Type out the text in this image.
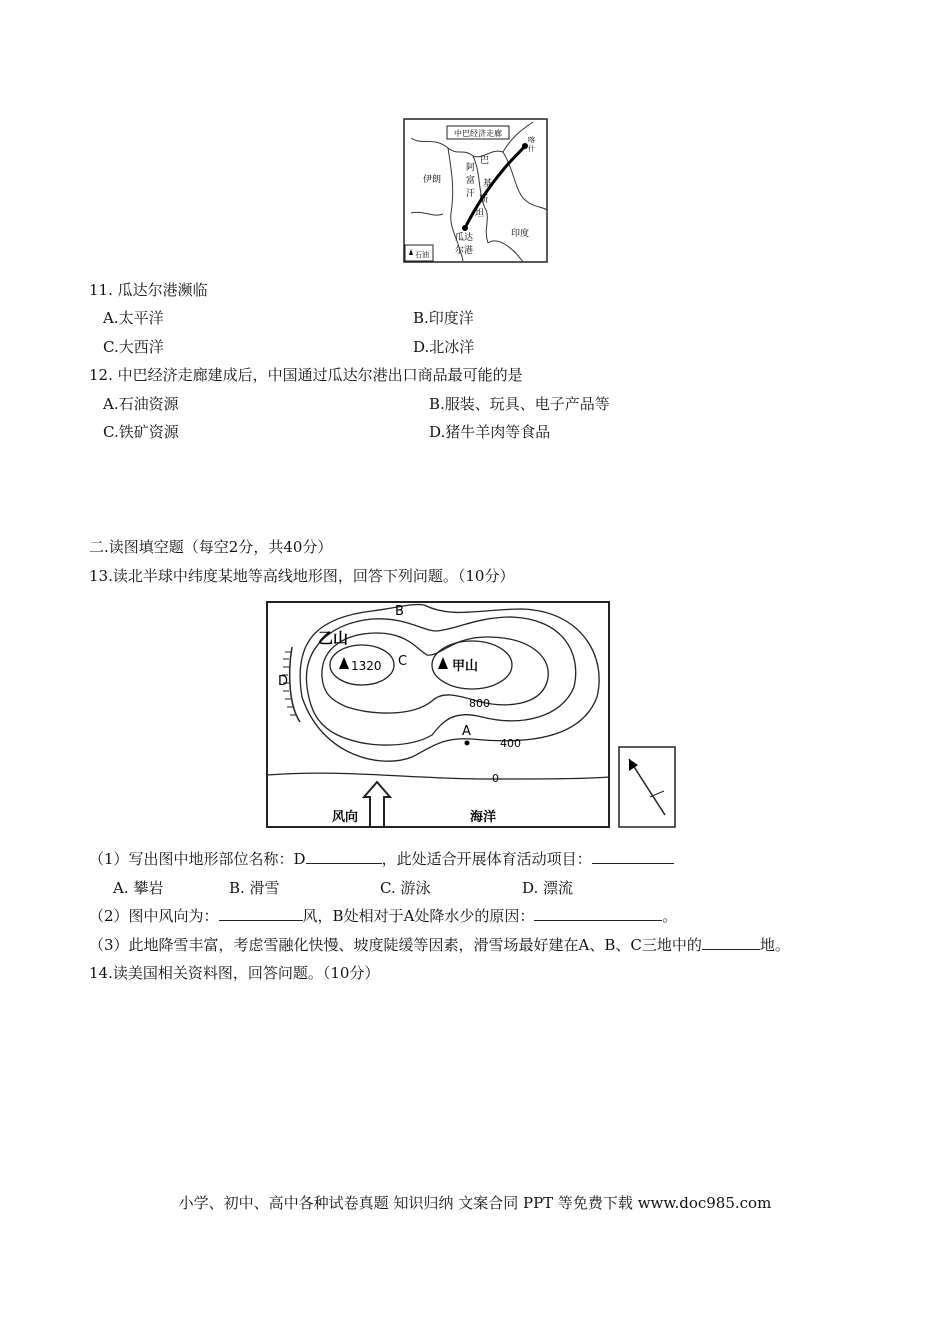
中巴经济走廊
喀
什
伊朗
阿
富
汗
巴
基
斯
坦
瓜达
尔港
印度
石油
11. 瓜达尔港濒临
A.太平洋	B.印度洋
C.大西洋	D.北冰洋
12. 中巴经济走廊建成后，中国通过瓜达尔港出口商品最可能的是
A.石油资源	B.服装、玩具、电子产品等
C.铁矿资源	D.猪牛羊肉等食品
二.读图填空题（每空2分，共40分）
13.读北半球中纬度某地等高线地形图，回答下列问题。（10分）
B
乙山
1320 C	甲山
D
800
A
400
0
风向	海洋
（1）写出图中地形部位名称：D	，此处适合开展体育活动项目：
A. 攀岩	B. 滑雪	C. 游泳	D. 漂流
（2）图中风向为：	风，B处相对于A处降水少的原因：	。
（3）此地降雪丰富，考虑雪融化快慢、坡度陡缓等因素，滑雪场最好建在A、B、C三地中的	地。
14.读美国相关资料图，回答问题。（10分）
小学、初中、高中各种试卷真题 知识归纳 文案合同 PPT 等免费下载 www.doc985.com
